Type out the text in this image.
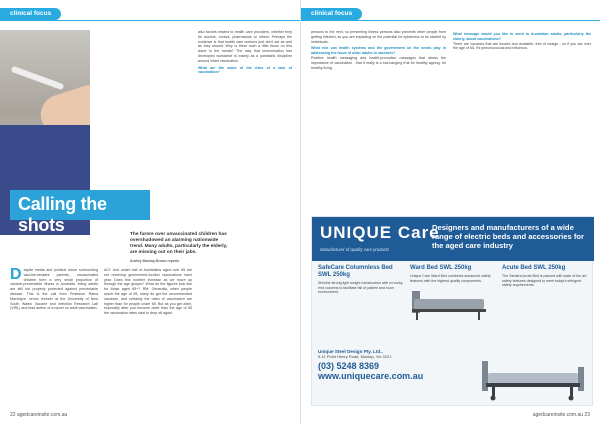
clinical focus
Calling the shots	The furore over unvaccinated children has overshadowed an alarming nationwide trend. Many adults, particularly the elderly, are missing out on their jabs.
Audrey Mackay-Brown reports
D espite media and political furore surrounding vaccine-hesitant parents, unvaccinated children form a very small proportion of vaccine-preventable illness in Australia. Many adults are still not properly protected against preventable disease. This is the call from Professor Raina MacIntyre, senior lecturer at the University of New South Wales' Vaccine and Infection Research Lab (VIRL) and lead author of a report on adult vaccination.
ACI: Just under half of Australians aged over 65 are not receiving government-funded vaccinations each year. Does this number increase as we move up through the age groups? What do the figures look like for those aged 65+? RM: Generally, when people reach the age of 65, many do get the recommended vaccines, and certainly the rates of vaccination are higher than for people under 65. But as you get older, especially after you become older than the age of 65 the vaccination rates start to drop off again.
also factors related to health care providers, whether they be doctors, nurses, pharmacists or others. Perhaps the evidence is that health care workers just don't act as well as they should. Why is there such a little focus on this issue in the media? The way that immunisation has developed worldwide is mainly as a paediatric discipline around infant vaccination.
What are the some of the risks of a lack of vaccination?
22 agedcareinsite.com.au
clinical focus
persons to the next, so preventing illness persons also prevents other people from getting infected, so you are impacting on the potential for epidemics to be started by individuals.
What role can health systems and the government on the needs play in addressing the issue of older adults to vaccines?
Positive health messaging and health-promotion messages that stress the importance of vaccination - that it really is a low-hanging fruit for healthy ageing, for healthy living.
What message would you like to send to Australian adults, particularly the elderly, about vaccinations?
There are vaccines that are funded and available, free of charge - so if you are over the age of 65, it's pneumococcal and influenza.
UNIQUE Care
Manufacturer of quality care products
Designers and manufacturers of a wide range of electric beds and accessories for the aged care industry
SafeCare Columnless Bed SWL 250kg
Slimline strong light weight construction with no bulky end columns to facilitate fall of patient and room environment.
Ward Bed SWL 250kg
Unique Care Ward Bed combines advanced safety features with the highest quality components.
Acute Bed SWL 250kg
The Simatra Acute Bed is packed with state of the art safety features designed to meet today's stringent safety requirements.
Unique Steel Design Pty. Ltd.,
9-11 Point Henry Road, Moolap, Vic 3221.
(03) 5248 8369
www.uniquecare.com.au
agedcareinsite.com.au 23
